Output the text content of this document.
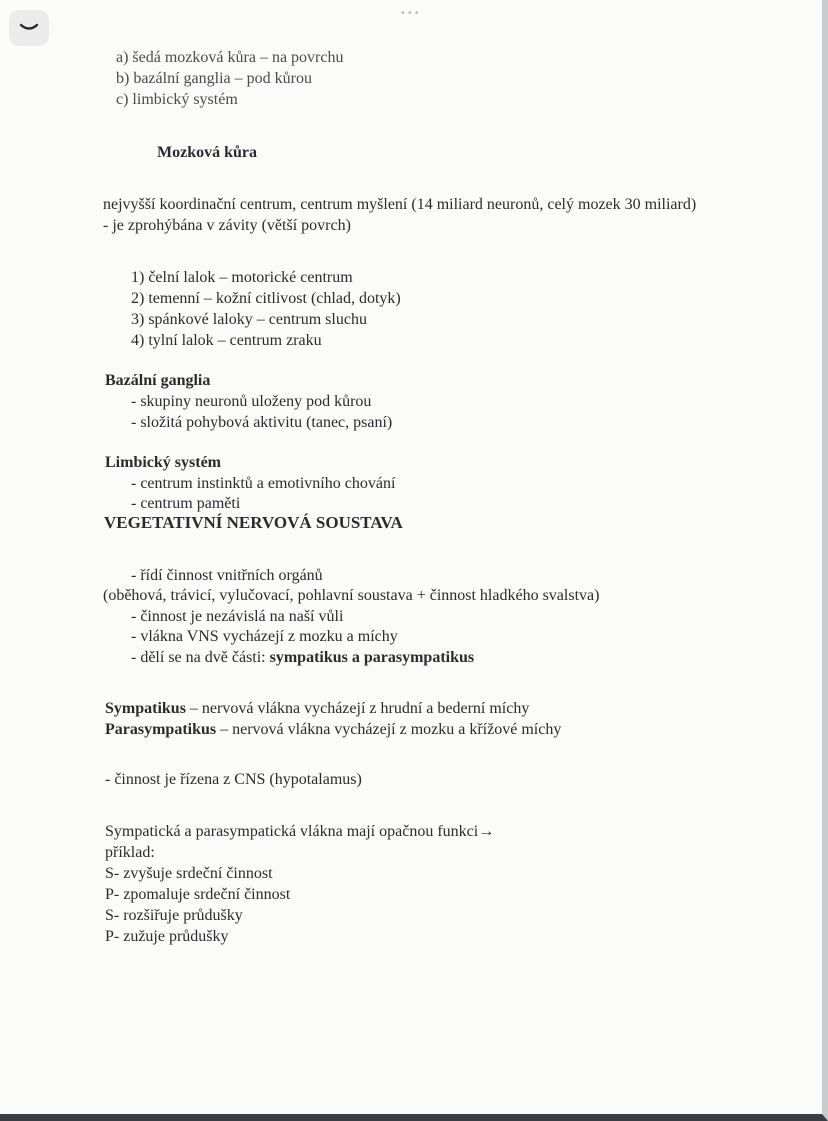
•••
a) šedá mozková kůra – na povrchu
b) bazální ganglia – pod kůrou
c) limbický systém
Mozková kůra
nejvyšší koordinační centrum, centrum myšlení (14 miliard neuronů, celý mozek 30 miliard)
- je zprohýbána v závity (větší povrch)
1) čelní lalok – motorické centrum
2) temenní – kožní citlivost (chlad, dotyk)
3) spánkové laloky – centrum sluchu
4) tylní lalok – centrum zraku
Bazální ganglia
- skupiny neuronů uloženy pod kůrou
- složitá pohybová aktivitu (tanec, psaní)
Limbický systém
- centrum instinktů a emotivního chování
- centrum paměti
VEGETATIVNÍ NERVOVÁ SOUSTAVA
- řídí činnost vnitřních orgánů
(oběhová, trávicí, vylučovací, pohlavní soustava + činnost hladkého svalstva)
- činnost je nezávislá na naší vůli
- vlákna VNS vycházejí z mozku a míchy
- dělí se na dvě části: sympatikus a parasympatikus
Sympatikus – nervová vlákna vycházejí z hrudní a bederní míchy
Parasympatikus – nervová vlákna vycházejí z mozku a křížové míchy
- činnost je řízena z CNS (hypotalamus)
Sympatická a parasympatická vlákna mají opačnou funkci→
příklad:
S- zvyšuje srdeční činnost
P- zpomaluje srdeční činnost
S- rozšiřuje průdušky
P- zužuje průdušky
